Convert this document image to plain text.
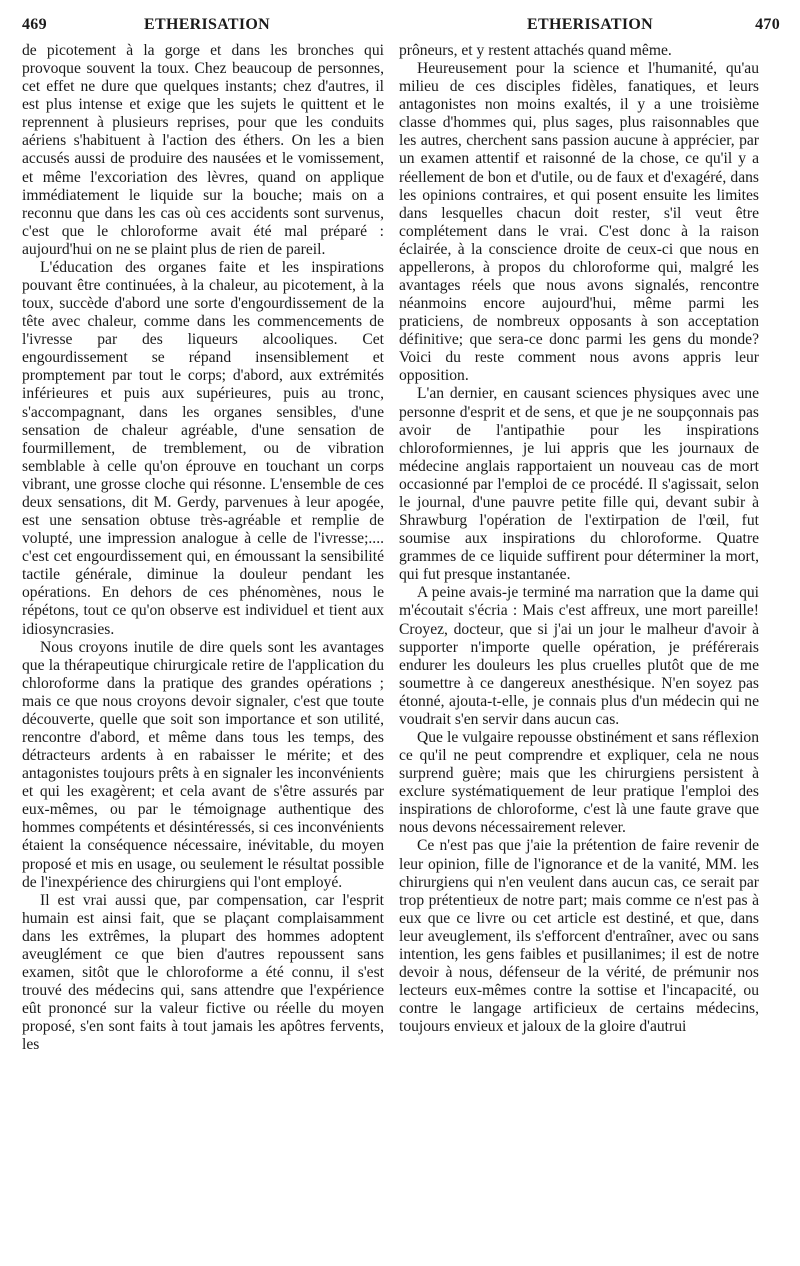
469	ETHERISATION	ETHERISATION	470

de picotement à la gorge et dans les bronches qui provoque souvent la toux. Chez beaucoup de personnes, cet effet ne dure que quelques instants; chez d'autres, il est plus intense et exige que les sujets le quittent et le reprennent à plusieurs reprises, pour que les conduits aériens s'habituent à l'action des éthers. On les a bien accusés aussi de produire des nausées et le vomissement, et même l'excoriation des lèvres, quand on applique immédiatement le liquide sur la bouche; mais on a reconnu que dans les cas où ces accidents sont survenus, c'est que le chloroforme avait été mal préparé : aujourd'hui on ne se plaint plus de rien de pareil.

L'éducation des organes faite et les inspirations pouvant être continuées, à la chaleur, au picotement, à la toux, succède d'abord une sorte d'engourdissement de la tête avec chaleur, comme dans les commencements de l'ivresse par des liqueurs alcooliques. Cet engourdissement se répand insensiblement et promptement par tout le corps; d'abord, aux extrémités inférieures et puis aux supérieures, puis au tronc, s'accompagnant, dans les organes sensibles, d'une sensation de chaleur agréable, d'une sensation de fourmillement, de tremblement, ou de vibration semblable à celle qu'on éprouve en touchant un corps vibrant, une grosse cloche qui résonne. L'ensemble de ces deux sensations, dit M. Gerdy, parvenues à leur apogée, est une sensation obtuse très-agréable et remplie de volupté, une impression analogue à celle de l'ivresse;.... c'est cet engourdissement qui, en émoussant la sensibilité tactile générale, diminue la douleur pendant les opérations. En dehors de ces phénomènes, nous le répétons, tout ce qu'on observe est individuel et tient aux idiosyncrasies.

Nous croyons inutile de dire quels sont les avantages que la thérapeutique chirurgicale retire de l'application du chloroforme dans la pratique des grandes opérations ; mais ce que nous croyons devoir signaler, c'est que toute découverte, quelle que soit son importance et son utilité, rencontre d'abord, et même dans tous les temps, des détracteurs ardents à en rabaisser le mérite; et des antagonistes toujours prêts à en signaler les inconvénients et qui les exagèrent; et cela avant de s'être assurés par eux-mêmes, ou par le témoignage authentique des hommes compétents et désintéressés, si ces inconvénients étaient la conséquence nécessaire, inévitable, du moyen proposé et mis en usage, ou seulement le résultat possible de l'inexpérience des chirurgiens qui l'ont employé.

Il est vrai aussi que, par compensation, car l'esprit humain est ainsi fait, que se plaçant complaisamment dans les extrêmes, la plupart des hommes adoptent aveuglément ce que bien d'autres repoussent sans examen, sitôt que le chloroforme a été connu, il s'est trouvé des médecins qui, sans attendre que l'expérience eût prononcé sur la valeur fictive ou réelle du moyen proposé, s'en sont faits à tout jamais les apôtres fervents, les

prôneurs, et y restent attachés quand même.

Heureusement pour la science et l'humanité, qu'au milieu de ces disciples fidèles, fanatiques, et leurs antagonistes non moins exaltés, il y a une troisième classe d'hommes qui, plus sages, plus raisonnables que les autres, cherchent sans passion aucune à apprécier, par un examen attentif et raisonné de la chose, ce qu'il y a réellement de bon et d'utile, ou de faux et d'exagéré, dans les opinions contraires, et qui posent ensuite les limites dans lesquelles chacun doit rester, s'il veut être complétement dans le vrai. C'est donc à la raison éclairée, à la conscience droite de ceux-ci que nous en appellerons, à propos du chloroforme qui, malgré les avantages réels que nous avons signalés, rencontre néanmoins encore aujourd'hui, même parmi les praticiens, de nombreux opposants à son acceptation définitive; que sera-ce donc parmi les gens du monde? Voici du reste comment nous avons appris leur opposition.

L'an dernier, en causant sciences physiques avec une personne d'esprit et de sens, et que je ne soupçonnais pas avoir de l'antipathie pour les inspirations chloroformiennes, je lui appris que les journaux de médecine anglais rapportaient un nouveau cas de mort occasionné par l'emploi de ce procédé. Il s'agissait, selon le journal, d'une pauvre petite fille qui, devant subir à Shrawburg l'opération de l'extirpation de l'œil, fut soumise aux inspirations du chloroforme. Quatre grammes de ce liquide suffirent pour déterminer la mort, qui fut presque instantanée.

A peine avais-je terminé ma narration que la dame qui m'écoutait s'écria : Mais c'est affreux, une mort pareille! Croyez, docteur, que si j'ai un jour le malheur d'avoir à supporter n'importe quelle opération, je préférerais endurer les douleurs les plus cruelles plutôt que de me soumettre à ce dangereux anesthésique. N'en soyez pas étonné, ajouta-t-elle, je connais plus d'un médecin qui ne voudrait s'en servir dans aucun cas.

Que le vulgaire repousse obstinément et sans réflexion ce qu'il ne peut comprendre et expliquer, cela ne nous surprend guère; mais que les chirurgiens persistent à exclure systématiquement de leur pratique l'emploi des inspirations de chloroforme, c'est là une faute grave que nous devons nécessairement relever.

Ce n'est pas que j'aie la prétention de faire revenir de leur opinion, fille de l'ignorance et de la vanité, MM. les chirurgiens qui n'en veulent dans aucun cas, ce serait par trop prétentieux de notre part; mais comme ce n'est pas à eux que ce livre ou cet article est destiné, et que, dans leur aveuglement, ils s'efforcent d'entraîner, avec ou sans intention, les gens faibles et pusillanimes; il est de notre devoir à nous, défenseur de la vérité, de prémunir nos lecteurs eux-mêmes contre la sottise et l'incapacité, ou contre le langage artificieux de certains médecins, toujours envieux et jaloux de la gloire d'autrui
